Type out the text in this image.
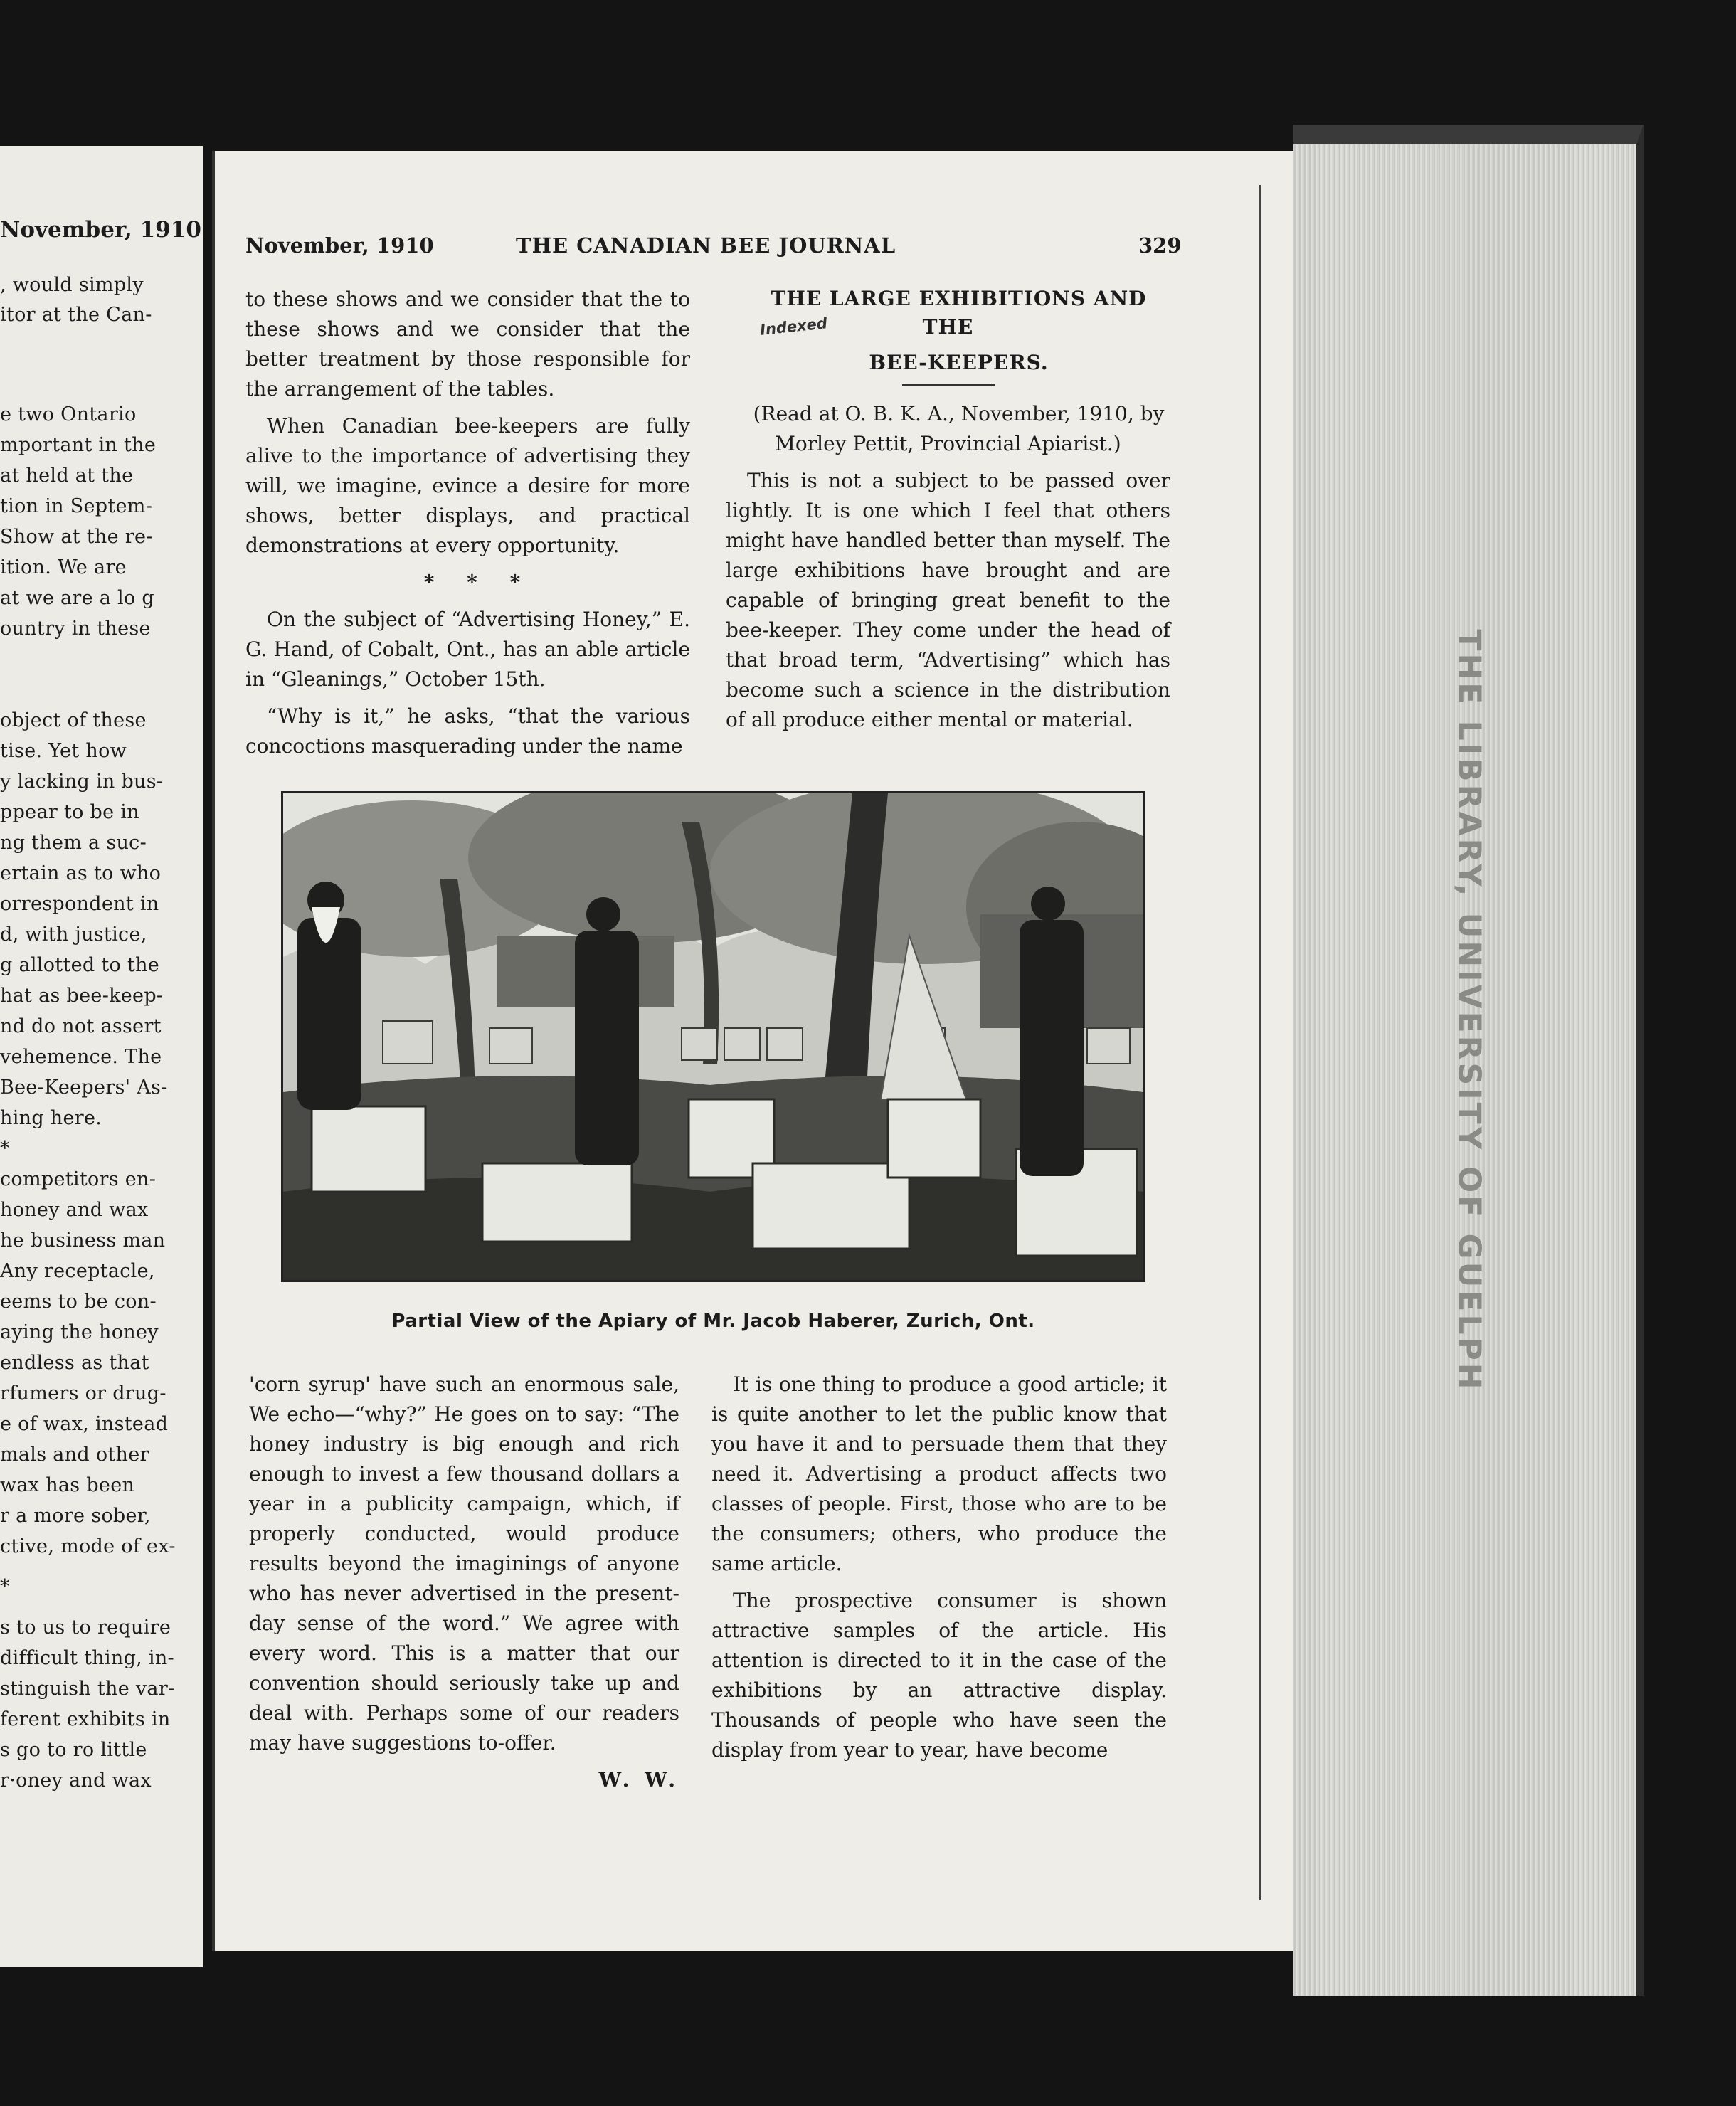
November, 1910
, would simply
itor at the Can-
e two Ontario
mportant in the
at held at the
tion in Septem-
Show at the re-
ition. We are
at we are a lo g
ountry in these
object of these
tise. Yet how
y lacking in bus-
ppear to be in
ng them a suc-
ertain as to who
orrespondent in
d, with justice,
g allotted to the
hat as bee-keep-
nd do not assert
vehemence. The
Bee-Keepers' As-
hing here.
*
competitors en-
honey and wax
he business man
Any receptacle,
eems to be con-
aying the honey
endless as that
rfumers or drug-
e of wax, instead
mals and other
wax has been
r a more sober,
ctive, mode of ex-
*
s to us to require
difficult thing, in-
stinguish the var-
ferent exhibits in
s go to ro little
r·oney and wax
THE LIBRARY, UNIVERSITY OF GUELPH
November, 1910	THE CANADIAN BEE JOURNAL	329

to these shows and we consider that the to these shows and we consider that the better treatment by those responsible for the arrangement of the tables.

When Canadian bee-keepers are fully alive to the importance of advertising they will, we imagine, evince a desire for more shows, better displays, and practical demonstrations at every opportunity.

* * *

On the subject of “Advertising Honey,” E. G. Hand, of Cobalt, Ont., has an able article in “Gleanings,” October 15th.

“Why is it,” he asks, “that the various concoctions masquerading under the name

THE LARGE EXHIBITIONS AND THE

BEE-KEEPERS.

(Read at O. B. K. A., November, 1910, by Morley Pettit, Provincial Apiarist.)

This is not a subject to be passed over lightly. It is one which I feel that others might have handled better than myself. The large exhibitions have brought and are capable of bringing great benefit to the bee-keeper. They come under the head of that broad term, “Advertising” which has become such a science in the distribution of all produce either mental or material.

Indexed
Partial View of the Apiary of Mr. Jacob Haberer, Zurich, Ont.

'corn syrup' have such an enormous sale, We echo—“why?” He goes on to say: “The honey industry is big enough and rich enough to invest a few thousand dollars a year in a publicity campaign, which, if properly conducted, would produce results beyond the imaginings of anyone who has never advertised in the present-day sense of the word.” We agree with every word. This is a matter that our convention should seriously take up and deal with. Perhaps some of our readers may have suggestions to-offer.

W. W.

It is one thing to produce a good article; it is quite another to let the public know that you have it and to persuade them that they need it. Advertising a product affects two classes of people. First, those who are to be the consumers; others, who produce the same article.

The prospective consumer is shown attractive samples of the article. His attention is directed to it in the case of the exhibitions by an attractive display. Thousands of people who have seen the display from year to year, have become
